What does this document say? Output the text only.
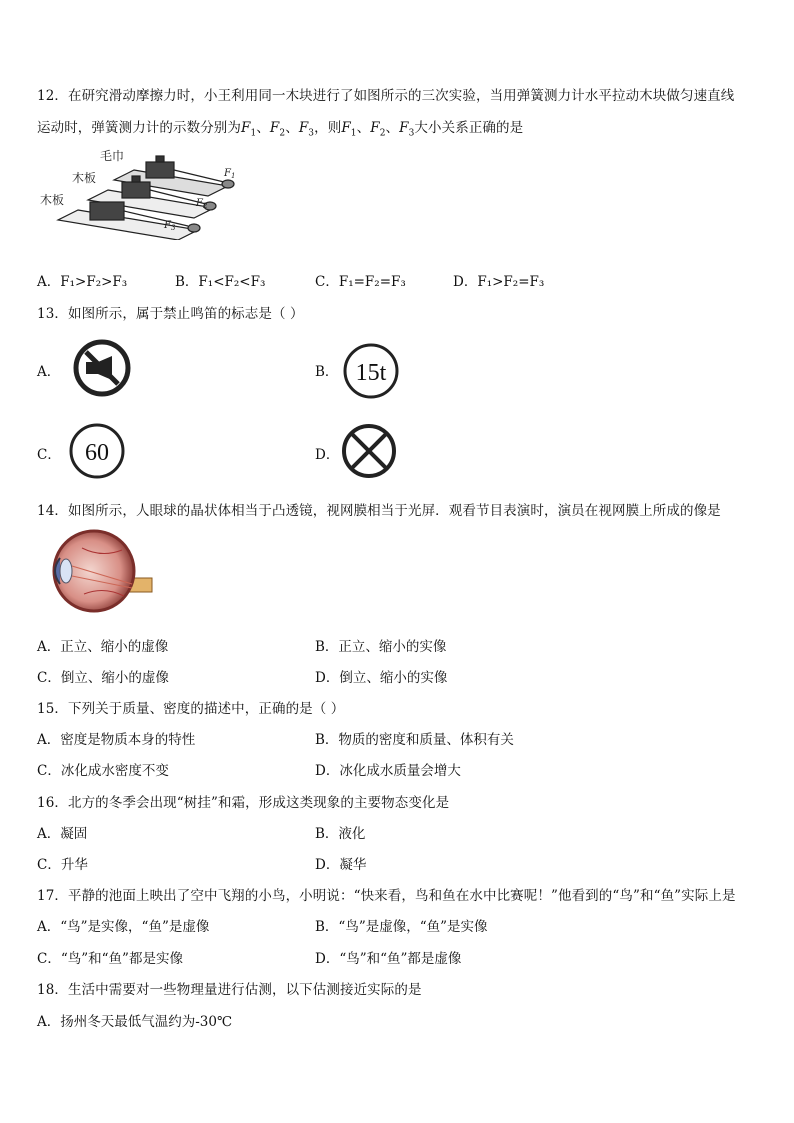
12．在研究滑动摩擦力时，小王利用同一木块进行了如图所示的三次实验，当用弹簧测力计水平拉动木块做匀速直线
运动时，弹簧测力计的示数分别为$F_1$、$F_2$、$F_3$，则$F_1$、$F_2$、$F_3$大小关系正确的是
毛巾
木板
木板
$F_1$
$F_2$
$F_3$
A．F₁>F₂>F₃	B．F₁<F₂<F₃	C．F₁=F₂=F₃	D．F₁>F₂=F₃
13．如图所示，属于禁止鸣笛的标志是（ ）
A．	B． 15t
C． 60	D．
14．如图所示，人眼球的晶状体相当于凸透镜，视网膜相当于光屏．观看节目表演时，演员在视网膜上所成的像是
A．正立、缩小的虚像	B．正立、缩小的实像
C．倒立、缩小的虚像	D．倒立、缩小的实像
15．下列关于质量、密度的描述中，正确的是（ ）
A．密度是物质本身的特性	B．物质的密度和质量、体积有关
C．冰化成水密度不变	D．冰化成水质量会增大
16．北方的冬季会出现“树挂”和霜，形成这类现象的主要物态变化是
A．凝固	B．液化
C．升华	D．凝华
17．平静的池面上映出了空中飞翔的小鸟，小明说：“快来看，鸟和鱼在水中比赛呢！”他看到的“鸟”和“鱼”实际上是
A．“鸟”是实像，“鱼”是虚像	B．“鸟”是虚像，“鱼”是实像
C．“鸟”和“鱼”都是实像	D．“鸟”和“鱼”都是虚像
18．生活中需要对一些物理量进行估测，以下估测接近实际的是
A．扬州冬天最低气温约为-30℃
